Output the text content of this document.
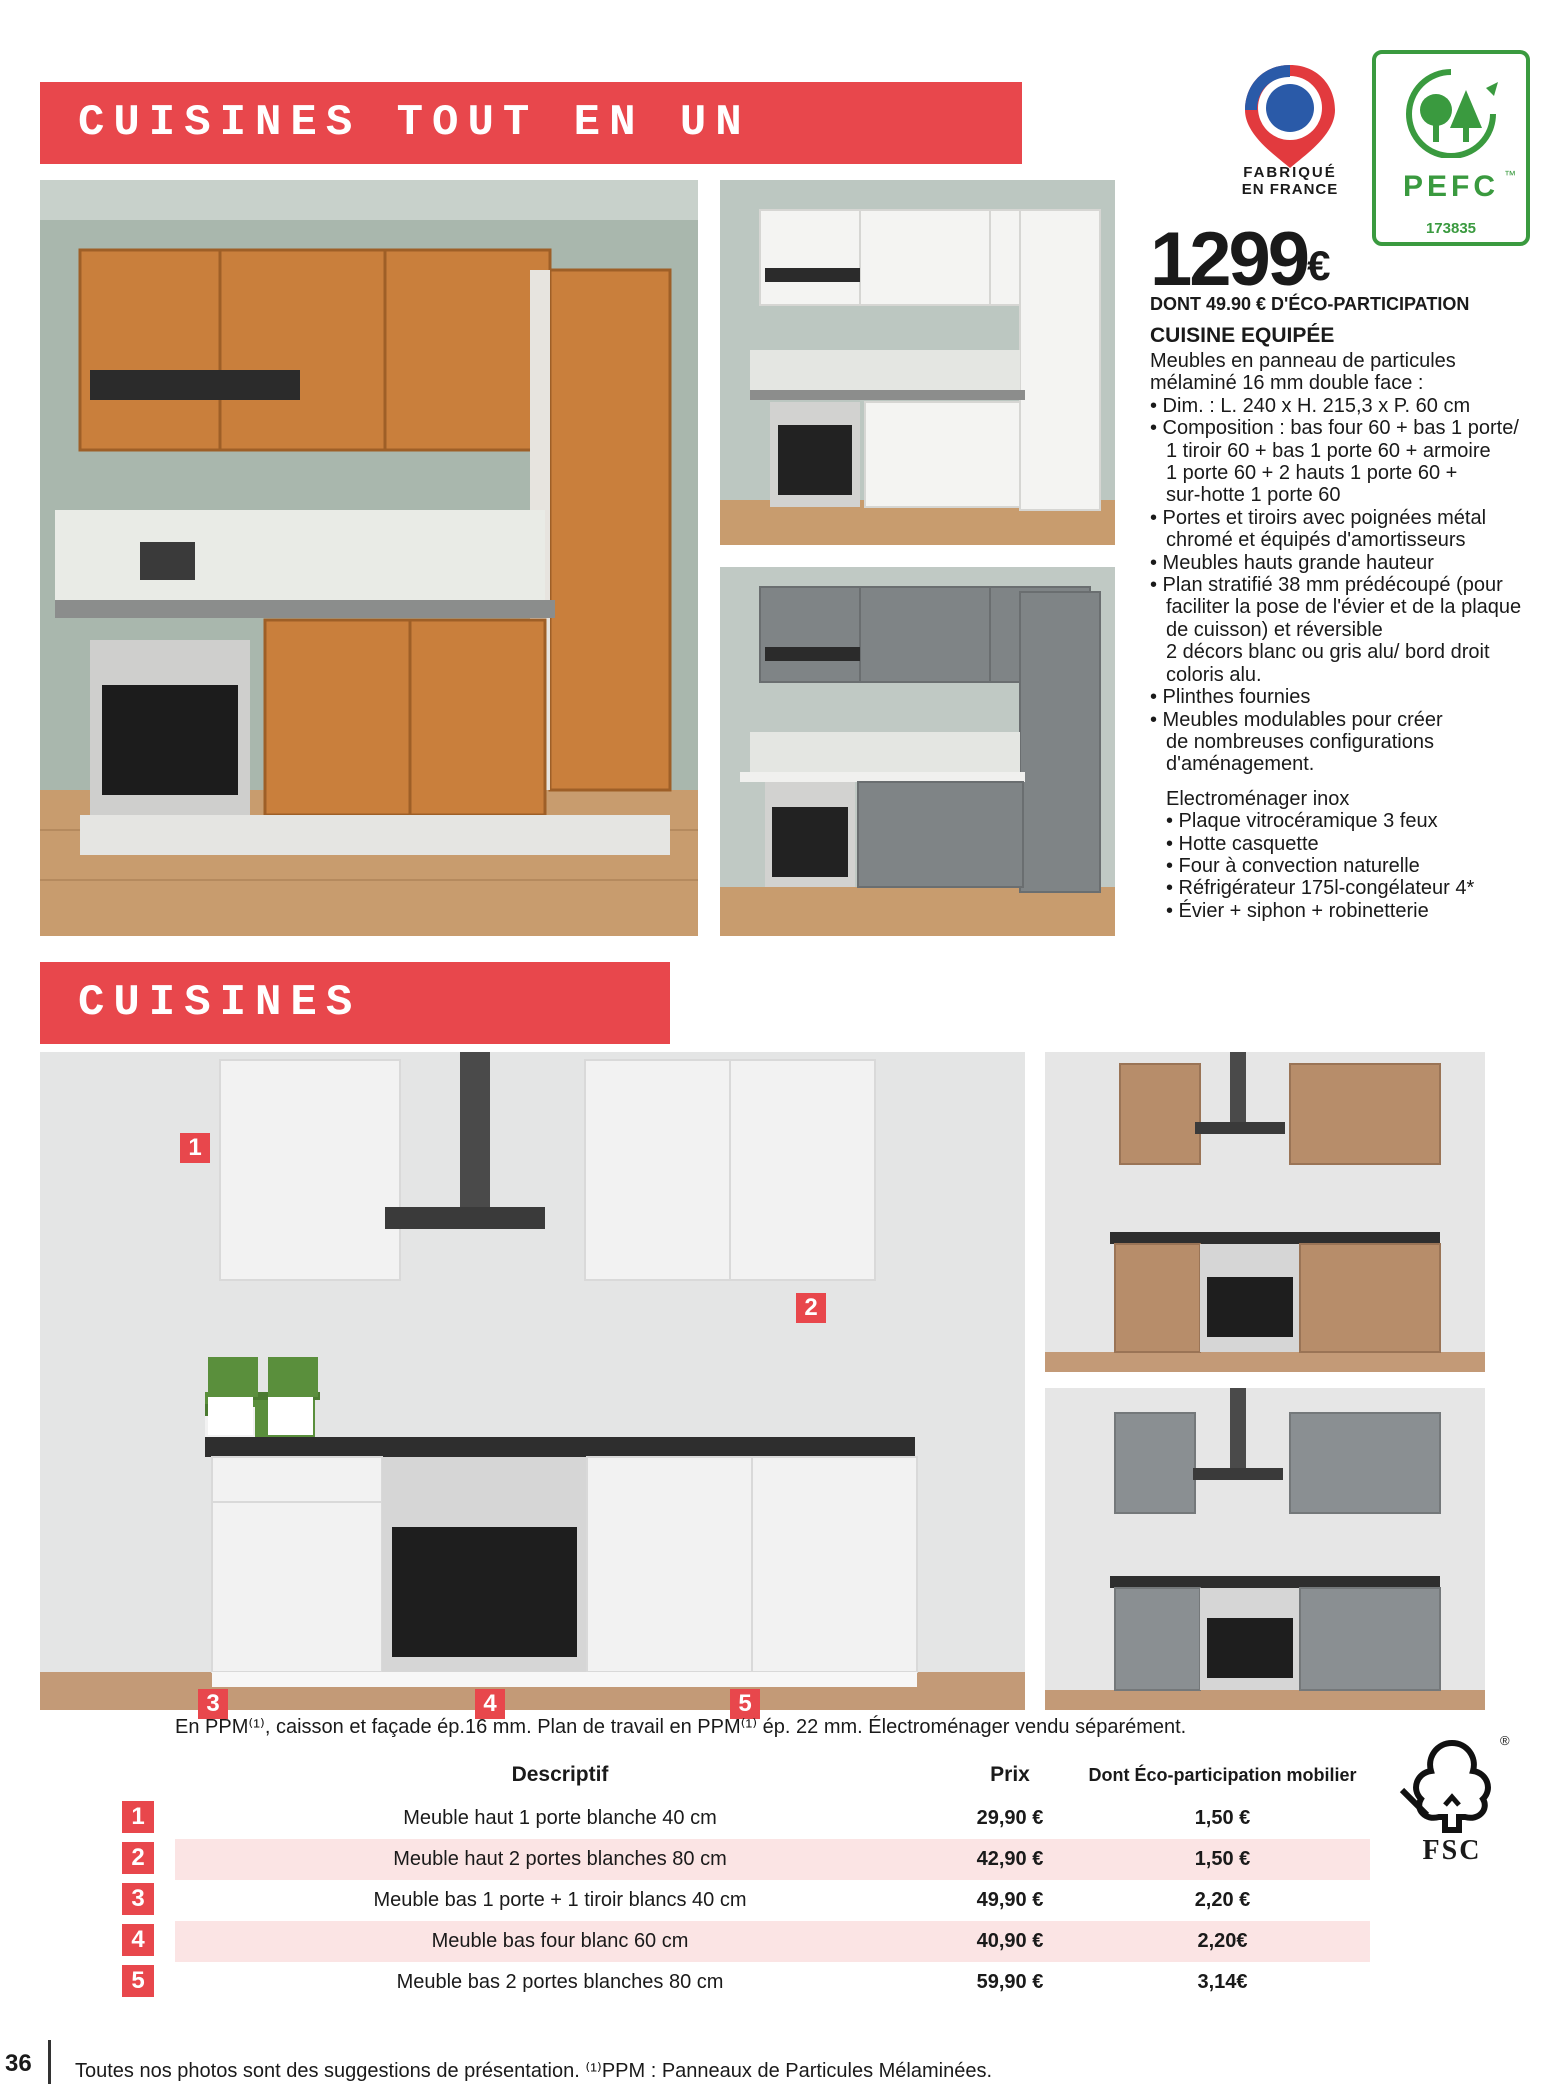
CUISINES TOUT EN UN
CUISINES
FABRIQUÉ
EN FRANCE	PEFC ™
173835
1299€
DONT 49.90 € D'ÉCO-PARTICIPATION
CUISINE EQUIPÉE
Meubles en panneau de particules
mélaminé 16 mm double face :
• Dim. : L. 240 x H. 215,3 x P. 60 cm
• Composition : bas four 60 + bas 1 porte/
1 tiroir 60 + bas 1 porte 60 + armoire
1 porte 60 + 2 hauts 1 porte 60 +
sur-hotte 1 porte 60
• Portes et tiroirs avec poignées métal
chromé et équipés d'amortisseurs
• Meubles hauts grande hauteur
• Plan stratifié 38 mm prédécoupé (pour
faciliter la pose de l'évier et de la plaque
de cuisson) et réversible
2 décors blanc ou gris alu/ bord droit
coloris alu.
• Plinthes fournies
• Meubles modulables pour créer
de nombreuses configurations
d'aménagement.
Electroménager inox
• Plaque vitrocéramique 3 feux
• Hotte casquette
• Four à convection naturelle
• Réfrigérateur 175l-congélateur 4*
• Évier + siphon + robinetterie
1
2
3	4	5
En PPM⁽¹⁾, caisson et façade ép.16 mm. Plan de travail en PPM⁽¹⁾ ép. 22 mm. Électroménager vendu séparément.
Descriptif	Prix	Dont Éco-participation mobilier
Meuble haut 1 porte blanche 40 cm	29,90 €	1,50 €
Meuble haut 2 portes blanches 80 cm	42,90 €	1,50 €
Meuble bas 1 porte + 1 tiroir blancs 40 cm	49,90 €	2,20 €
Meuble bas four blanc 60 cm	40,90 €	2,20€
Meuble bas 2 portes blanches 80 cm	59,90 €	3,14€
1
2
3
4
5
®
FSC
36 Toutes nos photos sont des suggestions de présentation. ⁽¹⁾PPM : Panneaux de Particules Mélaminées.
